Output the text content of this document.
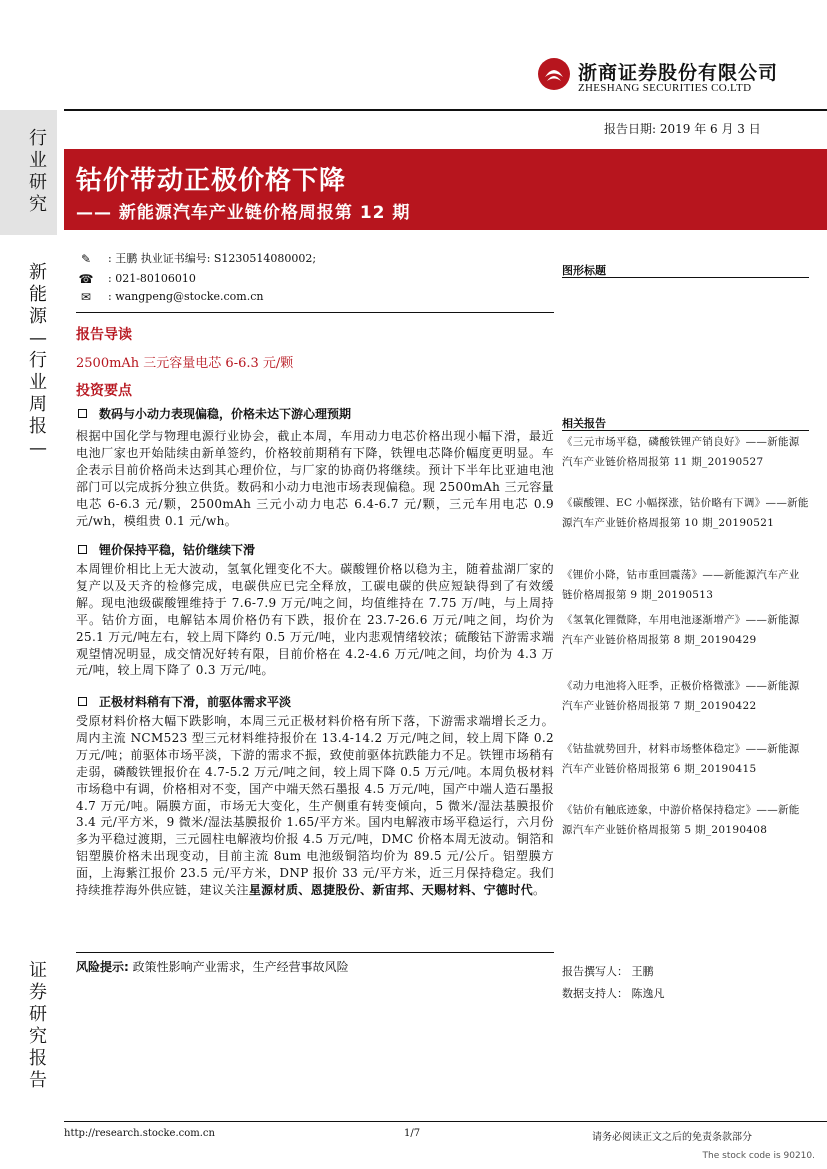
浙商证券股份有限公司
ZHESHANG SECURITIES CO.LTD
报告日期: 2019 年 6 月 3 日
行业研究
新能源—行业周报—
证券研究报告
钴价带动正极价格下降
—— 新能源汽车产业链价格周报第 12 期
✎ : 王鹏 执业证书编号: S1230514080002;
☎ : 021-80106010
✉ : wangpeng@stocke.com.cn
报告导读
2500mAh 三元容量电芯 6-6.3 元/颗
投资要点
数码与小动力表现偏稳，价格未达下游心理预期
根据中国化学与物理电源行业协会，截止本周，车用动力电芯价格出现小幅下滑，最近电池厂家也开始陆续由新单签约，价格较前期稍有下降，铁锂电芯降价幅度更明显。车企表示目前价格尚未达到其心理价位，与厂家的协商仍将继续。预计下半年比亚迪电池部门可以完成拆分独立供货。数码和小动力电池市场表现偏稳。现 2500mAh 三元容量电芯 6-6.3 元/颗，2500mAh 三元小动力电芯 6.4-6.7 元/颗，三元车用电芯 0.9 元/wh，模组贵 0.1 元/wh。
锂价保持平稳，钴价继续下滑
本周锂价相比上无大波动，氢氧化锂变化不大。碳酸锂价格以稳为主，随着盐湖厂家的复产以及天齐的检修完成，电碳供应已完全释放，工碳电碳的供应短缺得到了有效缓解。现电池级碳酸锂维持于 7.6-7.9 万元/吨之间，均值维持在 7.75 万/吨，与上周持平。钴价方面，电解钴本周价格仍有下跌，报价在 23.7-26.6 万元/吨之间，均价为 25.1 万元/吨左右，较上周下降约 0.5 万元/吨，业内悲观情绪较浓；硫酸钴下游需求端观望情况明显，成交情况好转有限，目前价格在 4.2-4.6 万元/吨之间，均价为 4.3 万元/吨，较上周下降了 0.3 万元/吨。
正极材料稍有下滑，前驱体需求平淡
受原材料价格大幅下跌影响，本周三元正极材料价格有所下落，下游需求端增长乏力。周内主流 NCM523 型三元材料维持报价在 13.4-14.2 万元/吨之间，较上周下降 0.2 万元/吨；前驱体市场平淡，下游的需求不振，致使前驱体抗跌能力不足。铁锂市场稍有走弱，磷酸铁锂报价在 4.7-5.2 万元/吨之间，较上周下降 0.5 万元/吨。本周负极材料市场稳中有调，价格相对不变，国产中端天然石墨报 4.5 万元/吨，国产中端人造石墨报 4.7 万元/吨。隔膜方面，市场无大变化，生产侧重有转变倾向，5 微米/湿法基膜报价 3.4 元/平方米，9 微米/湿法基膜报价 1.65/平方米。国内电解液市场平稳运行，六月份多为平稳过渡期，三元圆柱电解液均价报 4.5 万元/吨，DMC 价格本周无波动。铜箔和铝塑膜价格未出现变动，目前主流 8um 电池级铜箔均价为 89.5 元/公斤。铝塑膜方面，上海紫江报价 23.5 元/平方米，DNP 报价 33 元/平方米，近三月保持稳定。我们持续推荐海外供应链，建议关注星源材质、恩捷股份、新宙邦、天赐材料、宁德时代。
风险提示: 政策性影响产业需求，生产经营事故风险
图形标题
相关报告
《三元市场平稳，磷酸铁锂产销良好》——新能源汽车产业链价格周报第 11 期_20190527
《碳酸锂、EC 小幅探涨，钴价略有下调》——新能源汽车产业链价格周报第 10 期_20190521
《锂价小降，钴市重回震荡》——新能源汽车产业链价格周报第 9 期_20190513
《氢氧化锂微降，车用电池逐渐增产》——新能源汽车产业链价格周报第 8 期_20190429
《动力电池将入旺季，正极价格微涨》——新能源汽车产业链价格周报第 7 期_20190422
《钴盐就势回升，材料市场整体稳定》——新能源汽车产业链价格周报第 6 期_20190415
《钴价有触底迹象，中游价格保持稳定》——新能源汽车产业链价格周报第 5 期_20190408
报告撰写人： 王鹏
数据支持人： 陈逸凡
http://research.stocke.com.cn	1/7	请务必阅读正文之后的免责条款部分
The stock code is 90210.
